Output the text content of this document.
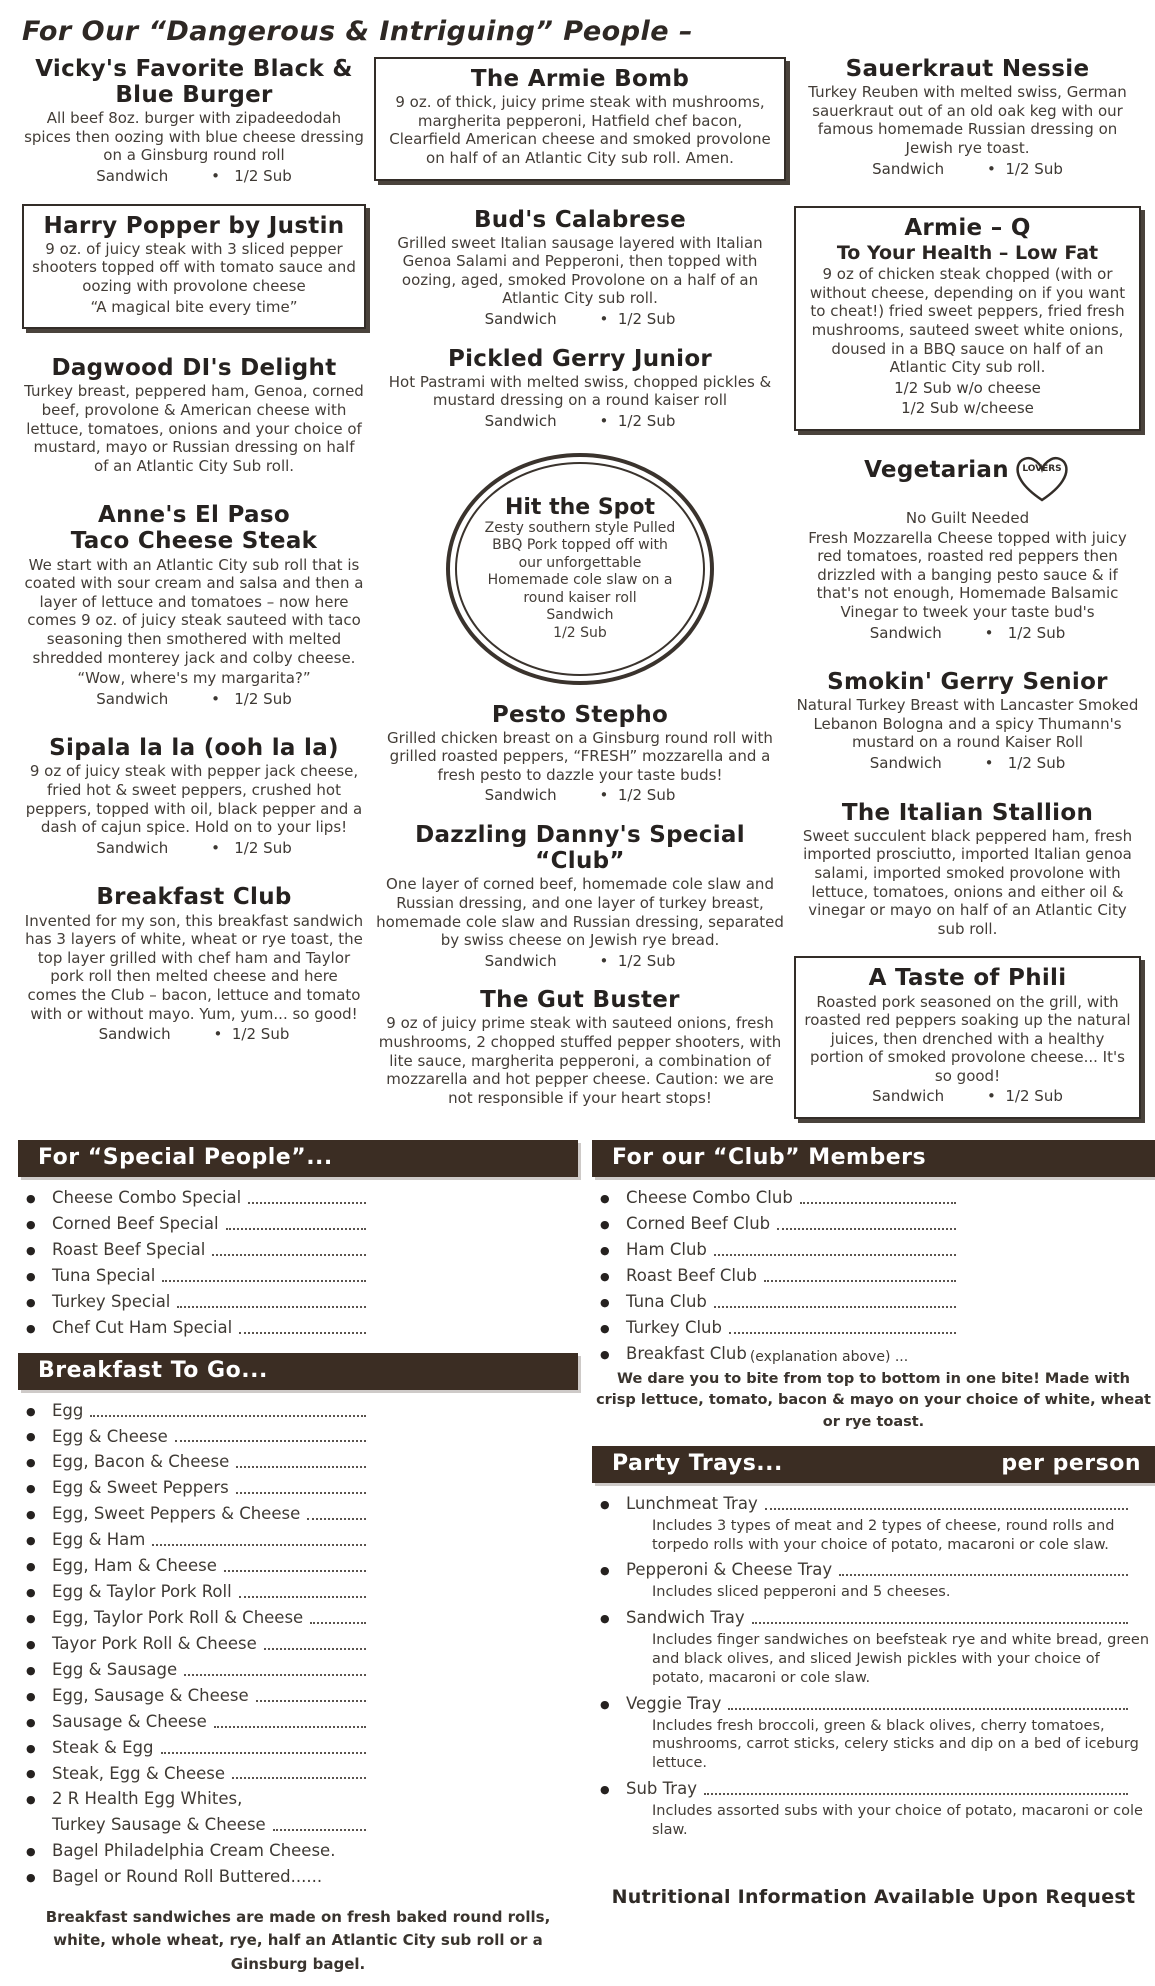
For Our “Dangerous & Intriguing” People –
Vicky's Favorite Black &
Blue Burger

All beef 8oz. burger with zipadeedodah spices then oozing with blue cheese dressing on a Ginsburg round roll

Sandwich         •   1/2 Sub

Harry Popper by Justin

9 oz. of juicy steak with 3 sliced pepper shooters topped off with tomato sauce and oozing with provolone cheese

“A magical bite every time”

Dagwood DI's Delight

Turkey breast, peppered ham, Genoa, corned beef, provolone & American cheese with lettuce, tomatoes, onions and your choice of mustard, mayo or Russian dressing on half of an Atlantic City Sub roll.

Anne's El Paso
Taco Cheese Steak

We start with an Atlantic City sub roll that is coated with sour cream and salsa and then a layer of lettuce and tomatoes – now here comes 9 oz. of juicy steak sauteed with taco seasoning then smothered with melted shredded monterey jack and colby cheese.

“Wow, where's my margarita?”

Sandwich         •   1/2 Sub

Sipala la la (ooh la la)

9 oz of juicy steak with pepper jack cheese, fried hot & sweet peppers, crushed hot peppers, topped with oil, black pepper and a dash of cajun spice. Hold on to your lips!

Sandwich         •   1/2 Sub

Breakfast Club

Invented for my son, this breakfast sandwich has 3 layers of white, wheat or rye toast, the top layer grilled with chef ham and Taylor pork roll then melted cheese and here comes the Club – bacon, lettuce and tomato with or without mayo. Yum, yum... so good!

Sandwich         •  1/2 Sub

The Armie Bomb

9 oz. of thick, juicy prime steak with mushrooms, margherita pepperoni, Hatfield chef bacon, Clearfield American cheese and smoked provolone on half of an Atlantic City sub roll. Amen.

Bud's Calabrese

Grilled sweet Italian sausage layered with Italian Genoa Salami and Pepperoni, then topped with oozing, aged, smoked Provolone on a half of an Atlantic City sub roll.

Sandwich         •  1/2 Sub

Pickled Gerry Junior

Hot Pastrami with melted swiss, chopped pickles & mustard dressing on a round kaiser roll

Sandwich         •  1/2 Sub

Hit the Spot

Zesty southern style Pulled BBQ Pork topped off with our unforgettable Homemade cole slaw on a round kaiser roll

Sandwich

1/2 Sub

Pesto Stepho

Grilled chicken breast on a Ginsburg round roll with grilled roasted peppers, “FRESH” mozzarella and a fresh pesto to dazzle your taste buds!

Sandwich         •  1/2 Sub

Dazzling Danny's Special
“Club”

One layer of corned beef, homemade cole slaw and Russian dressing, and one layer of turkey breast, homemade cole slaw and Russian dressing, separated by swiss cheese on Jewish rye bread.

Sandwich         •  1/2 Sub

The Gut Buster

9 oz of juicy prime steak with sauteed onions, fresh mushrooms, 2 chopped stuffed pepper shooters, with lite sauce, margherita pepperoni, a combination of mozzarella and hot pepper cheese. Caution: we are not responsible if your heart stops!

Sauerkraut Nessie

Turkey Reuben with melted swiss, German sauerkraut out of an old oak keg with our famous homemade Russian dressing on Jewish rye toast.

Sandwich         •  1/2 Sub

Armie – Q
To Your Health – Low Fat

9 oz of chicken steak chopped (with or without cheese, depending on if you want to cheat!) fried sweet peppers, fried fresh mushrooms, sauteed sweet white onions, doused in a BBQ sauce on half of an Atlantic City sub roll.

1/2 Sub w/o cheese

1/2 Sub w/cheese

Vegetarian LOVERS

No Guilt Needed

Fresh Mozzarella Cheese topped with juicy red tomatoes, roasted red peppers then drizzled with a banging pesto sauce & if that's not enough, Homemade Balsamic Vinegar to tweek your taste bud's

Sandwich         •   1/2 Sub

Smokin' Gerry Senior

Natural Turkey Breast with Lancaster Smoked Lebanon Bologna and a spicy Thumann's mustard on a round Kaiser Roll

Sandwich         •   1/2 Sub

The Italian Stallion

Sweet succulent black peppered ham, fresh imported prosciutto, imported Italian genoa salami, imported smoked provolone with lettuce, tomatoes, onions and either oil & vinegar or mayo on half of an Atlantic City sub roll.

A Taste of Phili

Roasted pork seasoned on the grill, with roasted red peppers soaking up the natural juices, then drenched with a healthy portion of smoked provolone cheese... It's so good!

Sandwich         •  1/2 Sub

For “Special People”...
● Cheese Combo Special
● Corned Beef Special
● Roast Beef Special
● Tuna Special
● Turkey Special
● Chef Cut Ham Special
Breakfast To Go...
● Egg
● Egg & Cheese
● Egg, Bacon & Cheese
● Egg & Sweet Peppers
● Egg, Sweet Peppers & Cheese
● Egg & Ham
● Egg, Ham & Cheese
● Egg & Taylor Pork Roll
● Egg, Taylor Pork Roll & Cheese
● Tayor Pork Roll & Cheese
● Egg & Sausage
● Egg, Sausage & Cheese
● Sausage & Cheese
● Steak & Egg
● Steak, Egg & Cheese
● 2 R Health Egg Whites,
Turkey Sausage & Cheese
● Bagel Philadelphia Cream Cheese.
● Bagel or Round Roll Buttered......
Breakfast sandwiches are made on fresh baked round rolls, white, whole wheat, rye, half an Atlantic City sub roll or a Ginsburg bagel.
For our “Club” Members
● Cheese Combo Club
● Corned Beef Club
● Ham Club
● Roast Beef Club
● Tuna Club
● Turkey Club
● Breakfast Club (explanation above) ...
We dare you to bite from top to bottom in one bite! Made with crisp lettuce, tomato, bacon & mayo on your choice of white, wheat or rye toast.
Party Trays...	per person
● Lunchmeat Tray
Includes 3 types of meat and 2 types of cheese, round rolls and torpedo rolls with your choice of potato, macaroni or cole slaw.
● Pepperoni & Cheese Tray
Includes sliced pepperoni and 5 cheeses.
● Sandwich Tray
Includes finger sandwiches on beefsteak rye and white bread, green and black olives, and sliced Jewish pickles with your choice of potato, macaroni or cole slaw.
● Veggie Tray
Includes fresh broccoli, green & black olives, cherry tomatoes, mushrooms, carrot sticks, celery sticks and dip on a bed of iceburg lettuce.
● Sub Tray
Includes assorted subs with your choice of potato, macaroni or cole slaw.
Nutritional Information Available Upon Request
